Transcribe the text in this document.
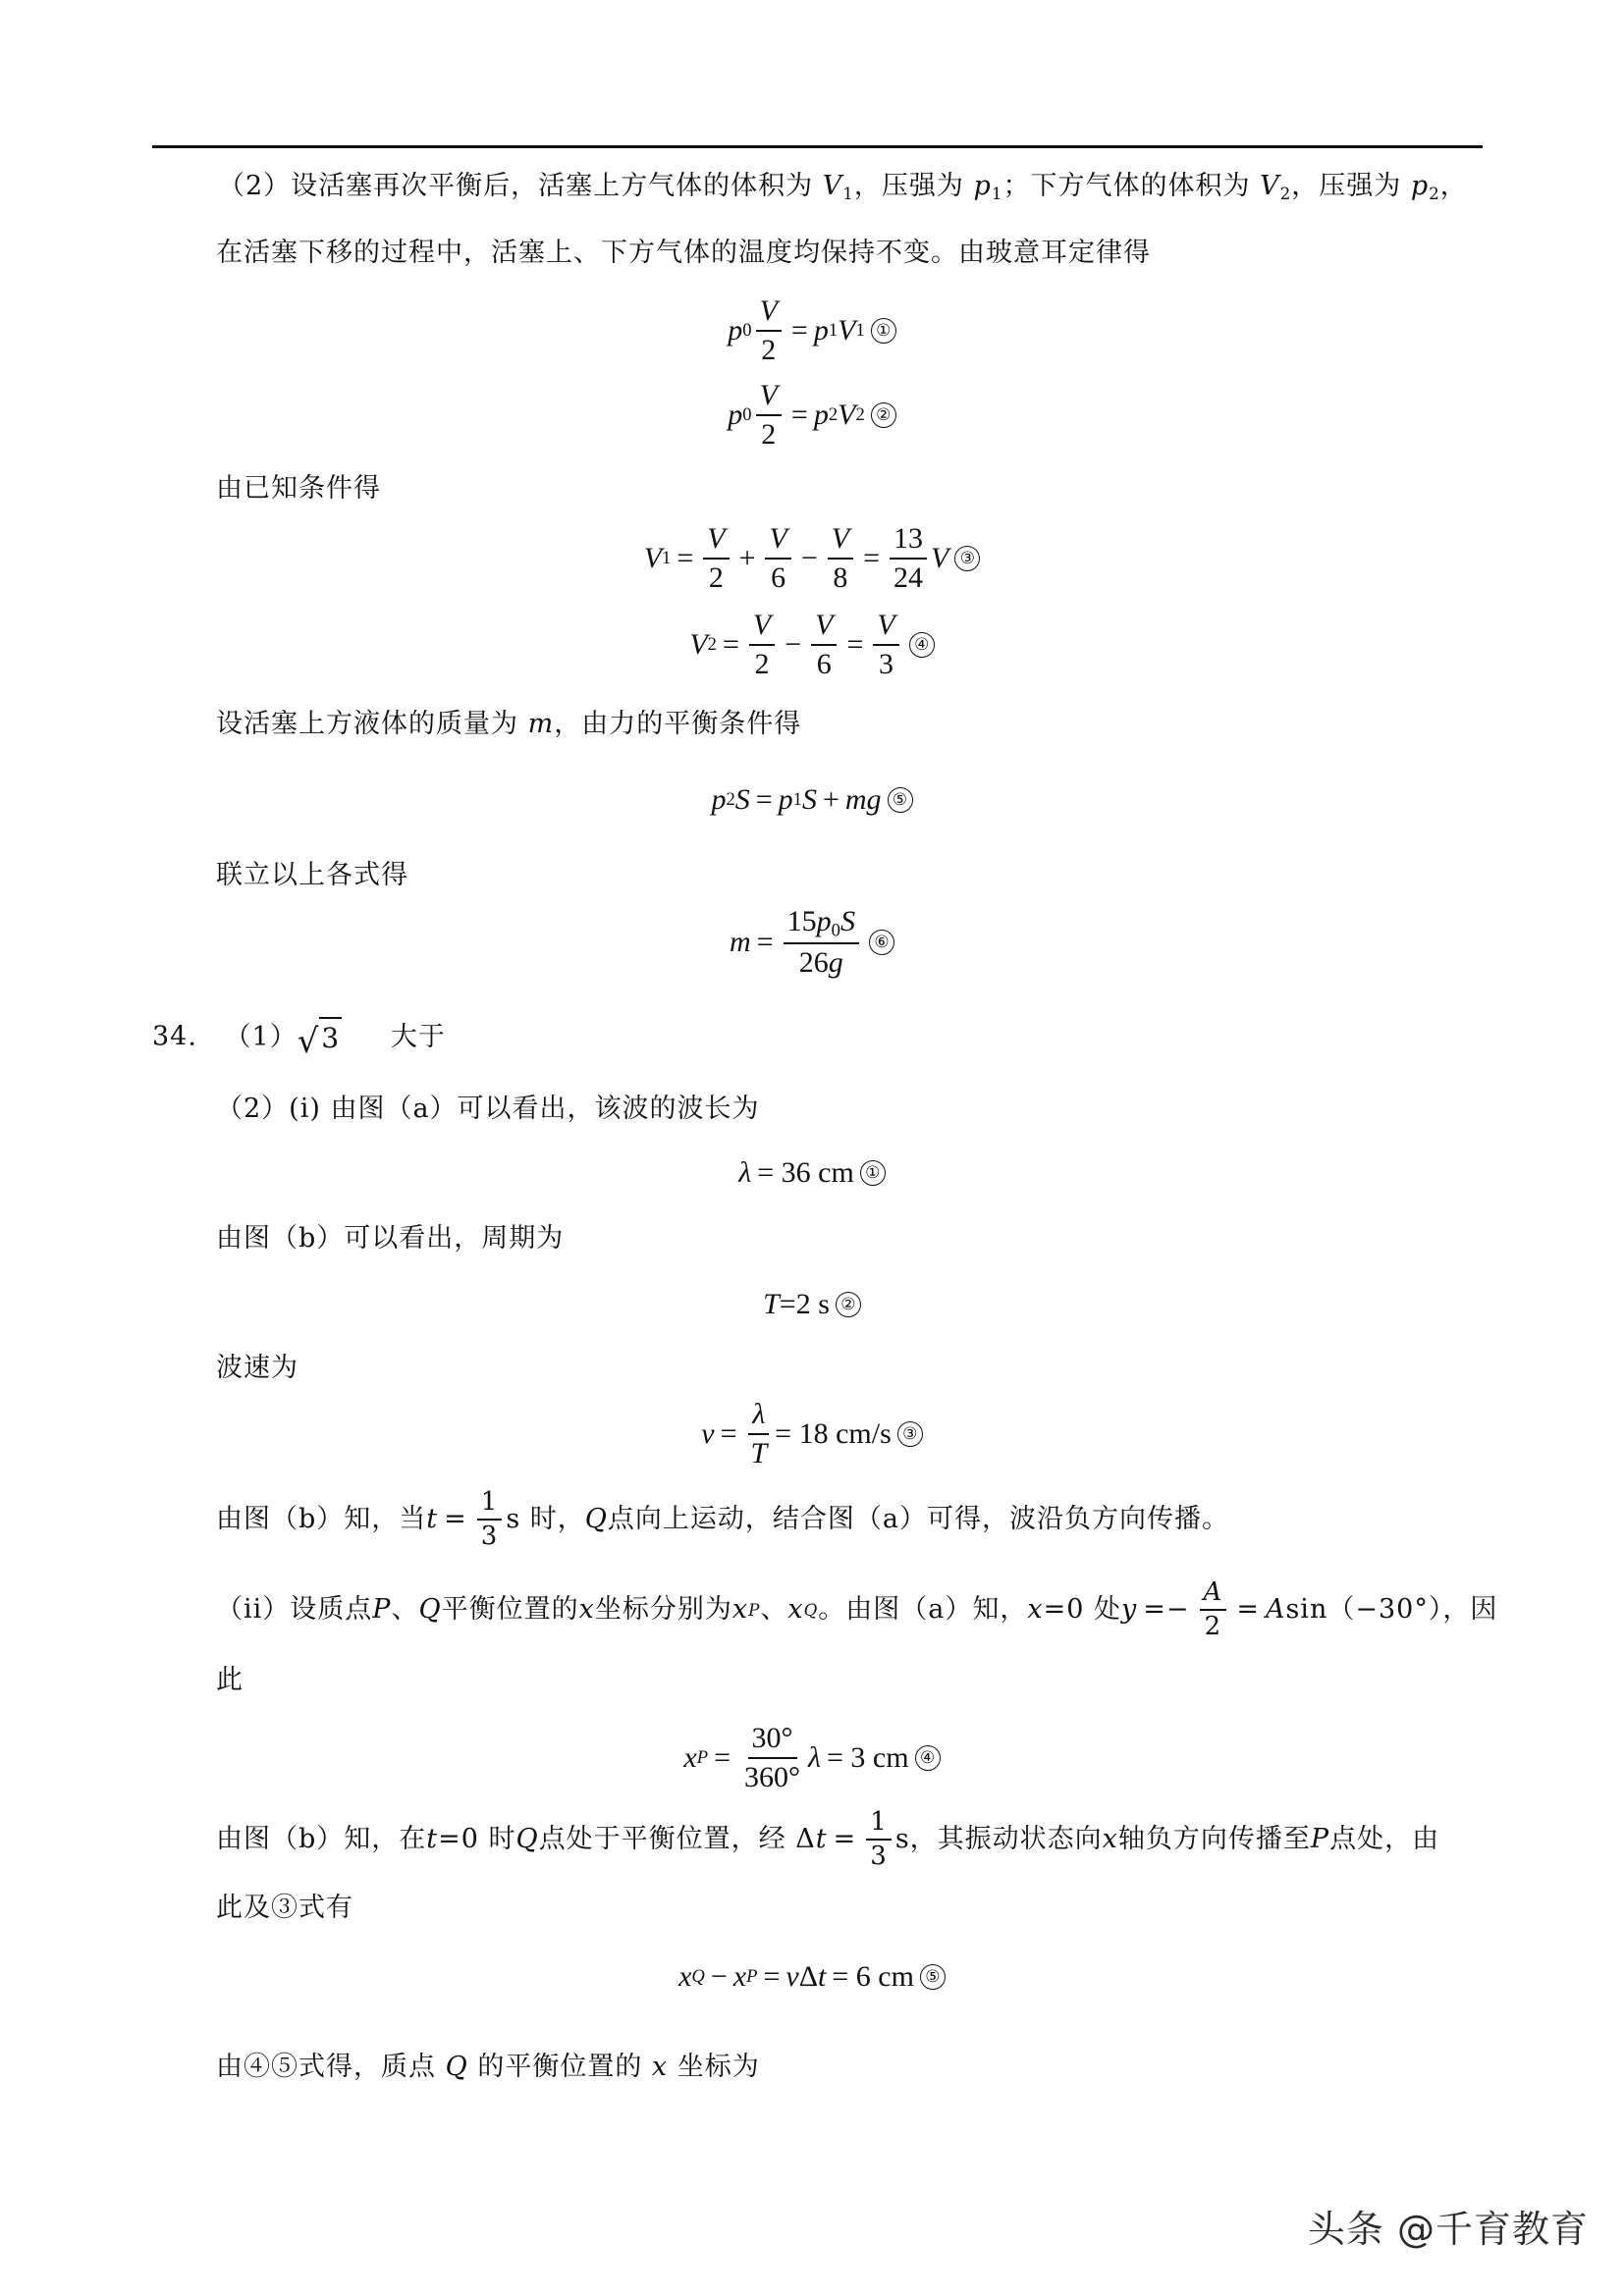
（2）设活塞再次平衡后，活塞上方气体的体积为 $V_1$，压强为 $p_1$；下方气体的体积为 $V_2$，压强为 $p_2$，
在活塞下移的过程中，活塞上、下方气体的温度均保持不变。由玻意耳定律得
p $0 \frac{V}{2} = p$ 1 V 1 ①
p $0 \frac{V}{2} = p$ 2 V 2 ②
由已知条件得
V $1 = \frac{V}{2} + \frac{V}{6} - \frac{V}{8} = \frac{13}{24}$ V ③
V $2 = \frac{V}{2} - \frac{V}{6} = \frac{V}{3}$ ④
设活塞上方液体的质量为 m，由力的平衡条件得
p 2 S = p 1 S + m g ⑤
联立以上各式得
$m = \frac{15p_0S}{26g}$ ⑥
34. （1） √ 3 大于
（2）(i) 由图（a）可以看出，该波的波长为
λ = 36 cm ①
由图（b）可以看出，周期为
T =2 s ②
波速为
$v = \frac{\lambda}{T} = 18$ cm/s ③
由图（b）知，当 $t = \frac{1}{3}$ s 时， Q 点向上运动，结合图（a）可得，波沿负方向传播。
（ii）设质点 P 、 Q 平衡位置的 x 坐标分别为 x P 、 x Q 。由图（a）知， x =0 处 $y =- \frac{A}{2} = A$ sin（−30°），因
此
x $P = \frac{30^\circ}{360^\circ}$ λ = 3 cm ④
由图（b）知，在 t =0 时 Q 点处于平衡位置，经 Δ $t = \frac{1}{3}$ s，其振动状态向 x 轴负方向传播至 P 点处，由
此及③式有
x Q − x P = v Δ t = 6 cm ⑤
由④⑤式得，质点 Q 的平衡位置的 x 坐标为
头条 @千育教育
